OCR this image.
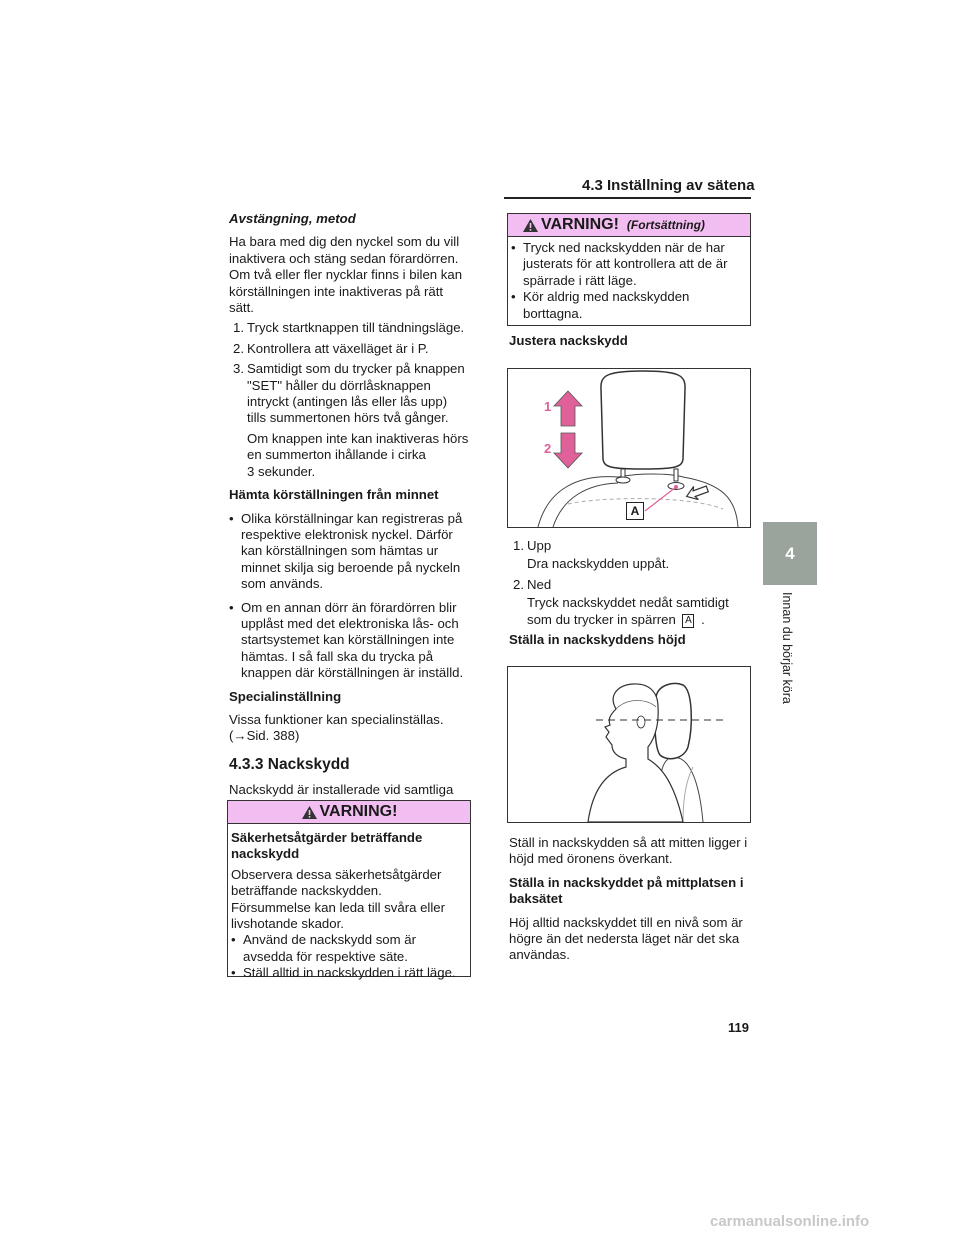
4.3 Inställning av sätena

Avstängning, metod

Ha bara med dig den nyckel som du vill

inaktivera och stäng sedan förardörren.

Om två eller fler nycklar finns i bilen kan

körställningen inte inaktiveras på rätt

sätt.

1. Tryck startknappen till tändningsläge.

2. Kontrollera att växelläget är i P.

3. Samtidigt som du trycker på knappen

"SET" håller du dörrlåsknappen

intryckt (antingen lås eller lås upp)

tills summertonen hörs två gånger.

Om knappen inte kan inaktiveras hörs

en summerton ihållande i cirka

3 sekunder.

Hämta körställningen från minnet

• Olika körställningar kan registreras på

respektive elektronisk nyckel. Därför

kan körställningen som hämtas ur

minnet skilja sig beroende på nyckeln

som används.

• Om en annan dörr än förardörren blir

upplåst med det elektroniska lås- och

startsystemet kan körställningen inte

hämtas. I så fall ska du trycka på

knappen där körställningen är inställd.

Specialinställning

Vissa funktioner kan specialinställas.

(→Sid. 388)

4.3.3 Nackskydd

Nackskydd är installerade vid samtliga

VARNING!

Säkerhetsåtgärder beträffande

nackskydd

Observera dessa säkerhetsåtgärder

beträffande nackskydden.

Försummelse kan leda till svåra eller

livshotande skador.

• Använd de nackskydd som är

avsedda för respektive säte.

• Ställ alltid in nackskydden i rätt läge.

VARNING! (Fortsättning)
• Tryck ned nackskydden när de har

justerats för att kontrollera att de är

spärrade i rätt läge.

• Kör aldrig med nackskydden

borttagna.

Justera nackskydd

1
2
A
1. Upp

Dra nackskydden uppåt.

2. Ned

Tryck nackskyddet nedåt samtidigt

som du trycker in spärren A .

Ställa in nackskyddens höjd

Ställ in nackskydden så att mitten ligger i

höjd med öronens överkant.

Ställa in nackskyddet på mittplatsen i

baksätet

Höj alltid nackskyddet till en nivå som är

högre än det nedersta läget när det ska

användas.

4
Innan du börjar köra
119
carmanualsonline.info
